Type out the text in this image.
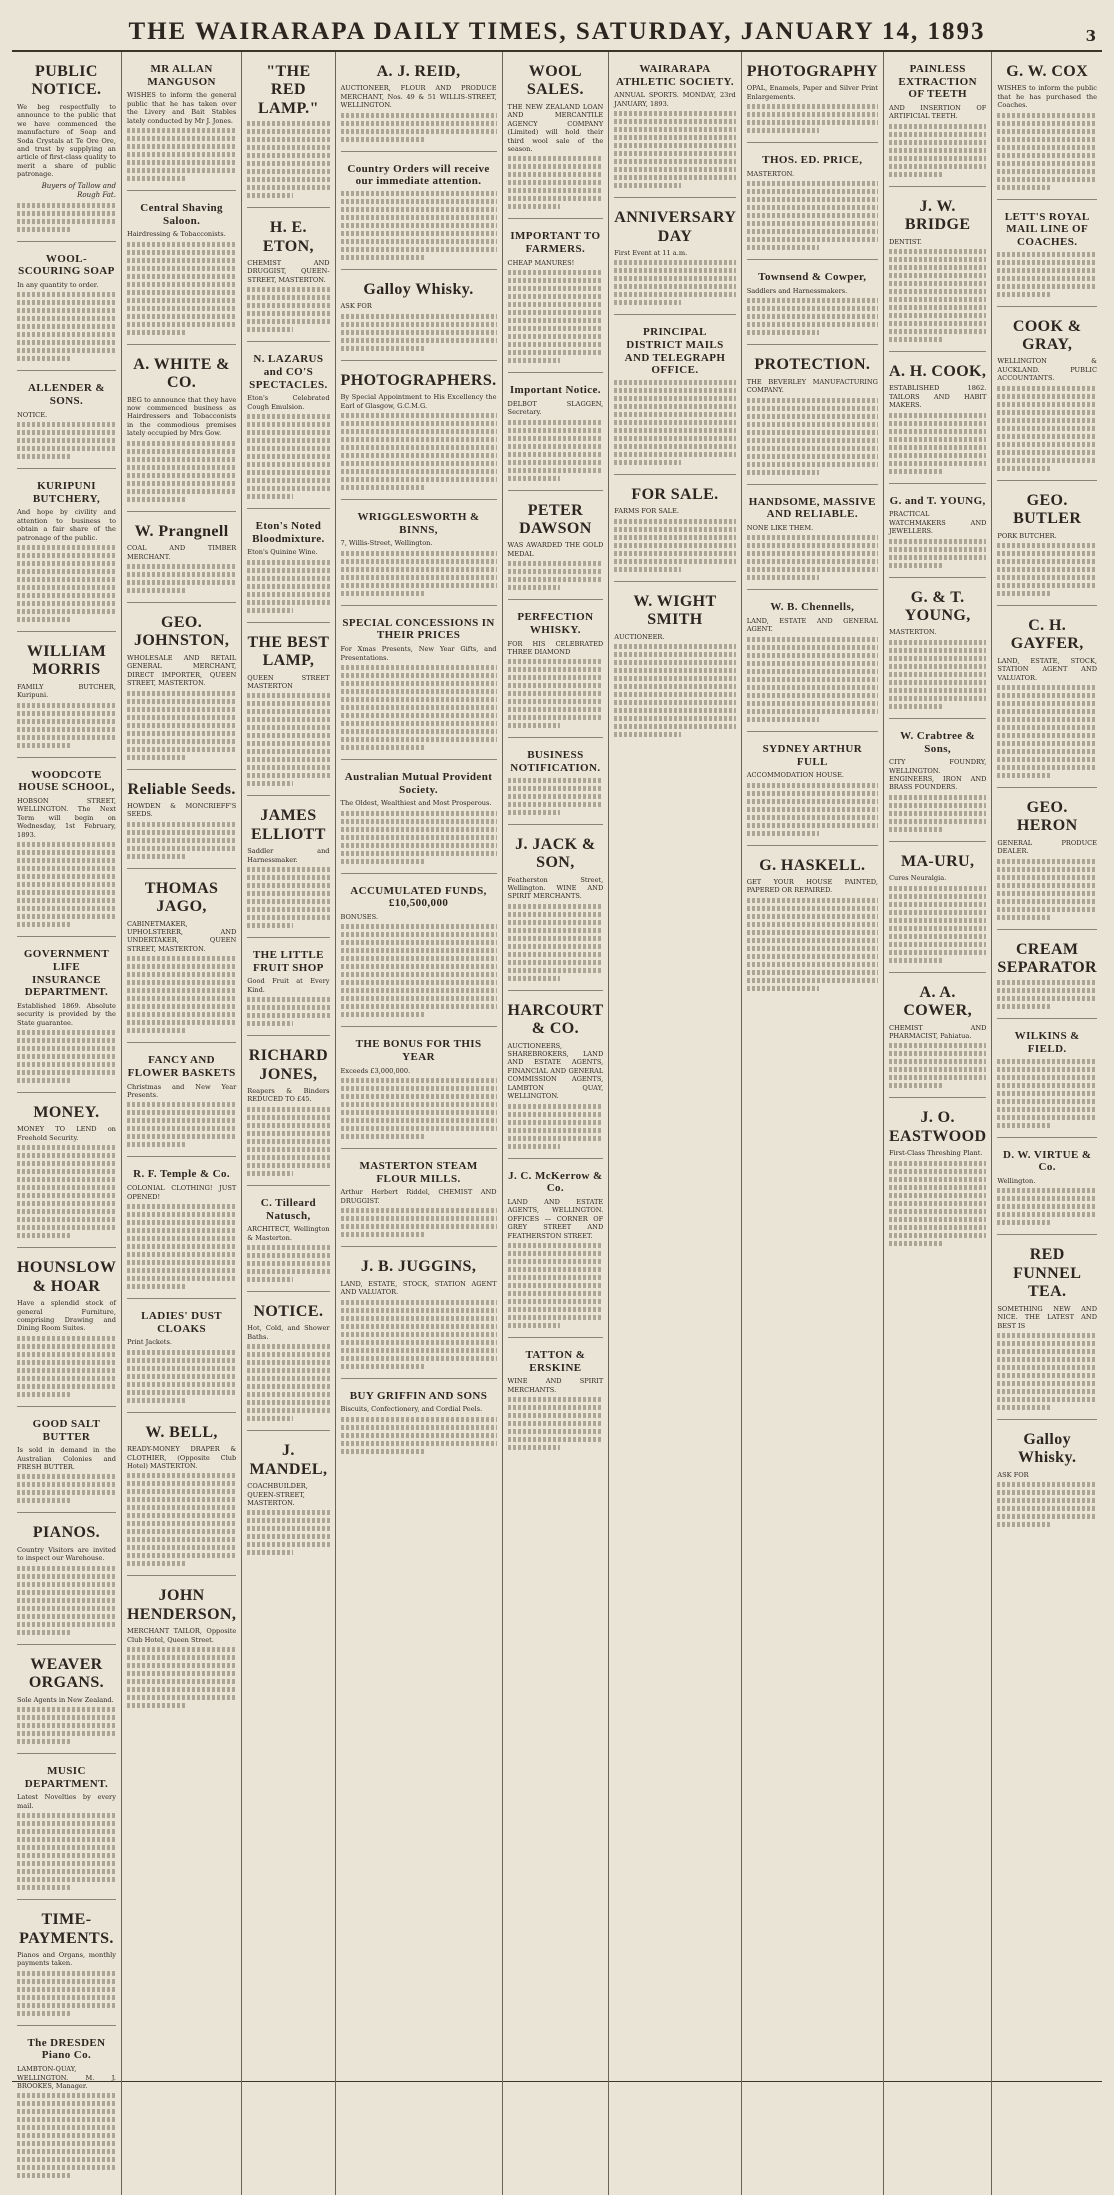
THE WAIRARAPA DAILY TIMES, SATURDAY, JANUARY 14, 1893	3
PUBLIC NOTICE.

We beg respectfully to announce to the public that we have commenced the manufacture of Soap and Soda Crystals at Te Ore Ore, and trust by supplying an article of first-class quality to merit a share of public patronage.

Buyers of Tallow and Rough Fat.
WOOL-SCOURING SOAP

In any quantity to order.

ALLENDER & SONS.

NOTICE.

KURIPUNI BUTCHERY,

And hope by civility and attention to business to obtain a fair share of the patronage of the public.

WILLIAM MORRIS

FAMILY BUTCHER, Kuripuni.

WOODCOTE HOUSE SCHOOL,

HOBSON STREET, WELLINGTON. The Next Term will begin on Wednesday, 1st February, 1893.

GOVERNMENT LIFE INSURANCE DEPARTMENT.

Established 1869. Absolute security is provided by the State guarantee.

MONEY.

MONEY TO LEND on Freehold Security.

HOUNSLOW & HOAR

Have a splendid stock of general Furniture, comprising Drawing and Dining Room Suites.

GOOD SALT BUTTER

Is sold in demand in the Australian Colonies and FRESH BUTTER.

PIANOS.

Country Visitors are invited to inspect our Warehouse.

WEAVER ORGANS.

Sole Agents in New Zealand.

MUSIC DEPARTMENT.

Latest Novelties by every mail.

TIME-PAYMENTS.

Pianos and Organs, monthly payments taken.

The DRESDEN Piano Co.

LAMBTON-QUAY, WELLINGTON. M. J. BROOKES, Manager.

MR ALLAN MANGUSON

WISHES to inform the general public that he has taken over the Livery and Bait Stables lately conducted by Mr J. Jones.

Central Shaving Saloon.

Hairdressing & Tobacconists.

A. WHITE & CO.

BEG to announce that they have now commenced business as Hairdressers and Tobacconists in the commodious premises lately occupied by Mrs Gow.

W. Prangnell

COAL AND TIMBER MERCHANT.

GEO. JOHNSTON,

WHOLESALE AND RETAIL GENERAL MERCHANT, DIRECT IMPORTER, QUEEN STREET, MASTERTON.

Reliable Seeds.

HOWDEN & MONCRIEFF'S SEEDS.

THOMAS JAGO,

CABINETMAKER, UPHOLSTERER, AND UNDERTAKER, QUEEN STREET, MASTERTON.

FANCY AND FLOWER BASKETS

Christmas and New Year Presents.

R. F. Temple & Co.

COLONIAL CLOTHING! JUST OPENED!

LADIES' DUST CLOAKS

Print Jackets.

W. BELL,

READY-MONEY DRAPER & CLOTHIER, (Opposite Club Hotel) MASTERTON.

JOHN HENDERSON,

MERCHANT TAILOR, Opposite Club Hotel, Queen Street.

"THE RED LAMP."
H. E. ETON,

CHEMIST AND DRUGGIST, QUEEN-STREET, MASTERTON.

N. LAZARUS and CO'S SPECTACLES.

Eton's Celebrated Cough Emulsion.

Eton's Noted Bloodmixture.

Eton's Quinine Wine.

THE BEST LAMP,

QUEEN STREET MASTERTON

JAMES ELLIOTT

Saddler and Harnessmaker.

THE LITTLE FRUIT SHOP

Good Fruit at Every Kind.

RICHARD JONES,

Reapers & Binders REDUCED TO £45.

C. Tilleard Natusch,

ARCHITECT, Wellington & Masterton.

NOTICE.

Hot, Cold, and Shower Baths.

J. MANDEL,

COACHBUILDER, QUEEN-STREET, MASTERTON.

A. J. REID,

AUCTIONEER, FLOUR AND PRODUCE MERCHANT, Nos. 49 & 51 WILLIS-STREET, WELLINGTON.

Country Orders will receive our immediate attention.
Galloy Whisky.

ASK FOR

PHOTOGRAPHERS.

By Special Appointment to His Excellency the Earl of Glasgow, G.C.M.G.

WRIGGLESWORTH & BINNS,

7, Willis-Street, Wellington.

SPECIAL CONCESSIONS IN THEIR PRICES

For Xmas Presents, New Year Gifts, and Presentations.

Australian Mutual Provident Society.

The Oldest, Wealthiest and Most Prosperous.

ACCUMULATED FUNDS, £10,500,000

BONUSES.

THE BONUS FOR THIS YEAR

Exceeds £3,000,000.

MASTERTON STEAM FLOUR MILLS.

Arthur Herbert Riddel, CHEMIST AND DRUGGIST.

J. B. JUGGINS,

LAND, ESTATE, STOCK, STATION AGENT AND VALUATOR.

BUY GRIFFIN AND SONS

Biscuits, Confectionery, and Cordial Peels.

WOOL SALES.

THE NEW ZEALAND LOAN AND MERCANTILE AGENCY COMPANY (Limited) will hold their third wool sale of the season.

IMPORTANT TO FARMERS.

CHEAP MANURES!

Important Notice.

DELBOT SLAGGEN, Secretary.

PETER DAWSON

WAS AWARDED THE GOLD MEDAL

PERFECTION WHISKY.

FOR HIS CELEBRATED THREE DIAMOND

BUSINESS NOTIFICATION.
J. JACK & SON,

Featherston Street, Wellington. WINE AND SPIRIT MERCHANTS.

HARCOURT & CO.

AUCTIONEERS, SHAREBROKERS, LAND AND ESTATE AGENTS, FINANCIAL AND GENERAL COMMISSION AGENTS, LAMBTON QUAY, WELLINGTON.

J. C. McKerrow & Co.

LAND AND ESTATE AGENTS, WELLINGTON. OFFICES — CORNER OF GREY STREET AND FEATHERSTON STREET.

TATTON & ERSKINE

WINE AND SPIRIT MERCHANTS.

WAIRARAPA ATHLETIC SOCIETY.

ANNUAL SPORTS. MONDAY, 23rd JANUARY, 1893.

ANNIVERSARY DAY

First Event at 11 a.m.

PRINCIPAL DISTRICT MAILS AND TELEGRAPH OFFICE.
FOR SALE.

FARMS FOR SALE.

W. WIGHT SMITH

AUCTIONEER.

PHOTOGRAPHY

OPAL, Enamels, Paper and Silver Print Enlargements.

THOS. ED. PRICE,

MASTERTON.

Townsend & Cowper,

Saddlers and Harnessmakers.

PROTECTION.

THE BEVERLEY MANUFACTURING COMPANY.

HANDSOME, MASSIVE AND RELIABLE.

NONE LIKE THEM.

W. B. Chennells,

LAND, ESTATE AND GENERAL AGENT.

SYDNEY ARTHUR FULL

ACCOMMODATION HOUSE.

G. HASKELL.

GET YOUR HOUSE PAINTED, PAPERED OR REPAIRED.

PAINLESS EXTRACTION OF TEETH

AND INSERTION OF ARTIFICIAL TEETH.

J. W. BRIDGE

DENTIST.

A. H. COOK,

ESTABLISHED 1862. TAILORS AND HABIT MAKERS.

G. and T. YOUNG,

PRACTICAL WATCHMAKERS AND JEWELLERS.

G. & T. YOUNG,

MASTERTON.

W. Crabtree & Sons,

CITY FOUNDRY, WELLINGTON. ENGINEERS, IRON AND BRASS FOUNDERS.

MA-URU,

Cures Neuralgia.

A. A. COWER,

CHEMIST AND PHARMACIST, Pahiatua.

J. O. EASTWOOD

First-Class Threshing Plant.

G. W. COX

WISHES to inform the public that he has purchased the Coaches.

LETT'S ROYAL MAIL LINE OF COACHES.
COOK & GRAY,

WELLINGTON & AUCKLAND. PUBLIC ACCOUNTANTS.

GEO. BUTLER

PORK BUTCHER.

C. H. GAYFER,

LAND, ESTATE, STOCK, STATION AGENT AND VALUATOR.

GEO. HERON

GENERAL PRODUCE DEALER.

CREAM SEPARATOR
WILKINS & FIELD.
D. W. VIRTUE & Co.

Wellington.

RED FUNNEL TEA.

SOMETHING NEW AND NICE. THE LATEST AND BEST IS

Galloy Whisky.

ASK FOR
